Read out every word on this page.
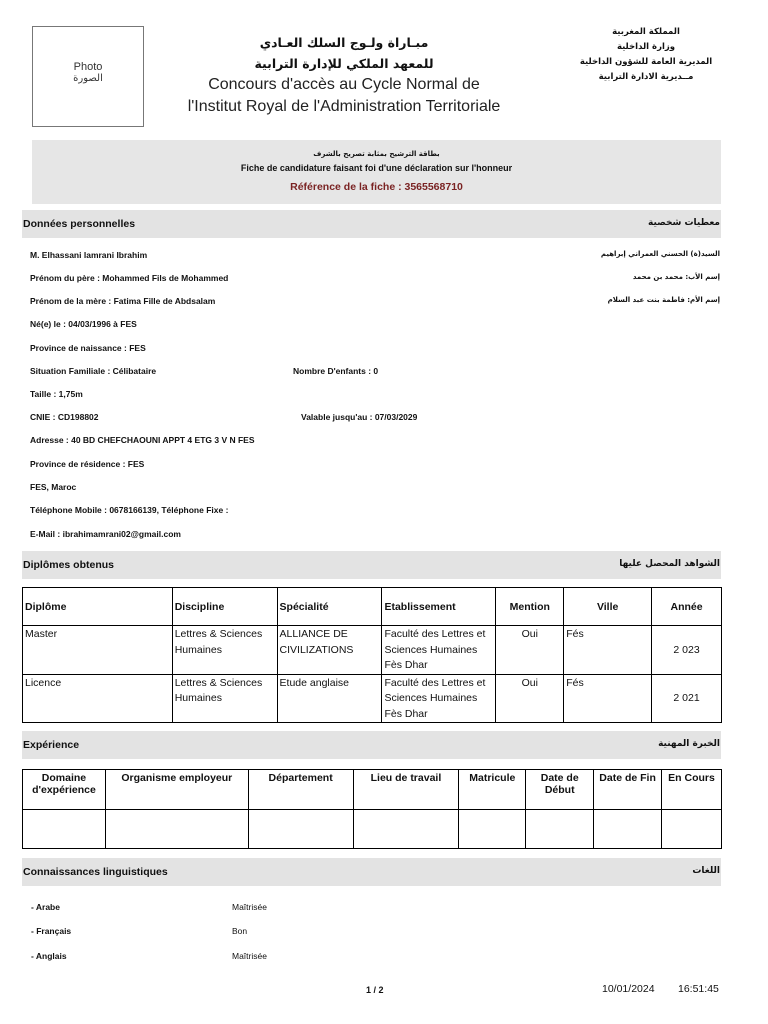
Photo
الصورة
مبـاراة ولـوج السلك العـادي
للمعهد الملكي للإدارة الترابية
Concours d'accès au Cycle Normal de
l'Institut Royal de l'Administration Territoriale
المملكة المغربية
وزارة الداخلية
المديرية العامة للشؤون الداخلية
مــديرية الادارة الترابية
بطاقة الترشيح بمثابة تصريح بالشرف
Fiche de candidature faisant foi d'une déclaration sur l'honneur
Référence de la fiche : 3565568710
Données personnelles	معطيات شخصية
M. Elhassani lamrani Ibrahim	السيد(ة) الحسني العمراني إبراهيم
Prénom du père : Mohammed Fils de Mohammed	إسم الأب: محمد بن محمد
Prénom de la mère : Fatima Fille de Abdsalam	إسم الأم: فاطمة بنت عبد السلام
Né(e) le : 04/03/1996 à FES
Province de naissance : FES
Situation Familiale : Célibataire	Nombre D'enfants : 0
Taille : 1,75m
CNIE : CD198802	Valable jusqu'au : 07/03/2029
Adresse : 40 BD CHEFCHAOUNI APPT 4 ETG 3 V N FES
Province de résidence : FES
FES, Maroc
Téléphone Mobile : 0678166139, Téléphone Fixe :
E-Mail : ibrahimamrani02@gmail.com
Diplômes obtenus	الشواهد المحصل عليها
Diplôme	Discipline	Spécialité	Etablissement	Mention	Ville	Année
Master	Lettres & Sciences Humaines	ALLIANCE DE CIVILIZATIONS	Faculté des Lettres et Sciences Humaines Fès Dhar	Oui	Fés	2 023
Licence	Lettres & Sciences Humaines	Etude anglaise	Faculté des Lettres et Sciences Humaines Fès Dhar	Oui	Fés	2 021
Expérience	الخبرة المهنية
Domaine d'expérience	Organisme employeur	Département	Lieu de travail	Matricule	Date de Début	Date de Fin	En Cours

Connaissances linguistiques	اللغات
- Arabe	Maîtrisée
- Français	Bon
- Anglais	Maîtrisée
1 / 2	10/01/2024 16:51:45
